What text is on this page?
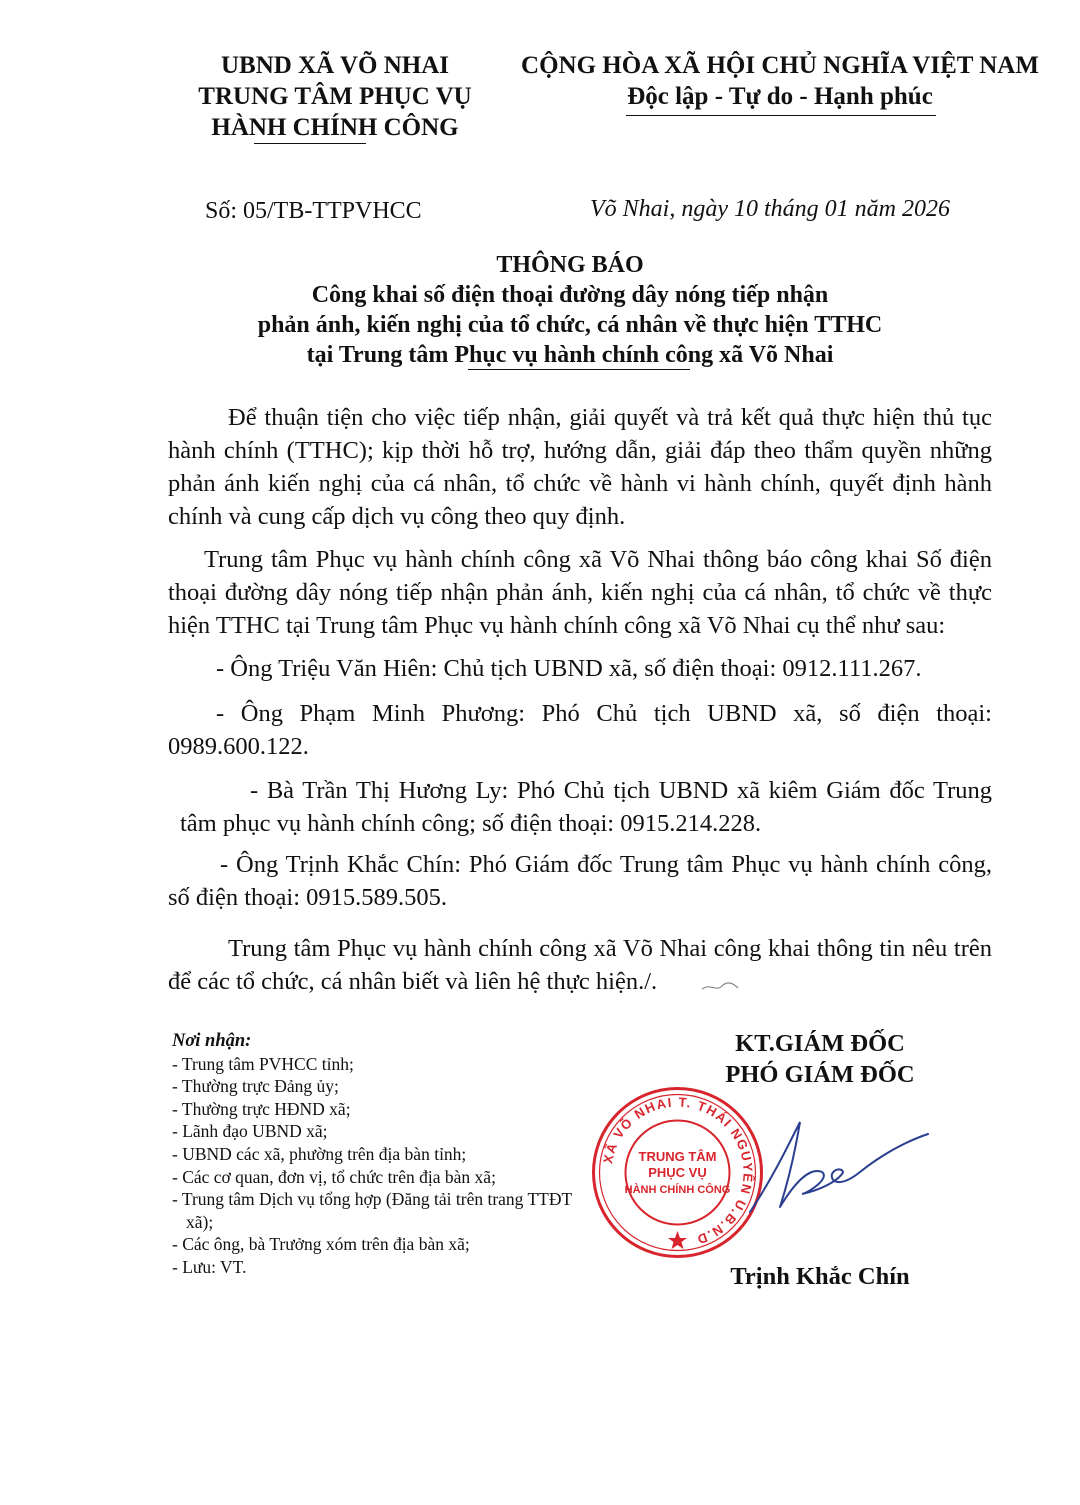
UBND XÃ VÕ NHAI
TRUNG TÂM PHỤC VỤ
HÀNH CHÍNH CÔNG
CỘNG HÒA XÃ HỘI CHỦ NGHĨA VIỆT NAM
Độc lập - Tự do - Hạnh phúc
Số: 05/TB-TTPVHCC	Võ Nhai, ngày 10 tháng 01 năm 2026
THÔNG BÁO
Công khai số điện thoại đường dây nóng tiếp nhận
phản ánh, kiến nghị của tổ chức, cá nhân về thực hiện TTHC
tại Trung tâm Phục vụ hành chính công xã Võ Nhai
Để thuận tiện cho việc tiếp nhận, giải quyết và trả kết quả thực hiện thủ tục hành chính (TTHC); kịp thời hỗ trợ, hướng dẫn, giải đáp theo thẩm quyền những phản ánh kiến nghị của cá nhân, tổ chức về hành vi hành chính, quyết định hành chính và cung cấp dịch vụ công theo quy định.
Trung tâm Phục vụ hành chính công xã Võ Nhai thông báo công khai Số điện thoại đường dây nóng tiếp nhận phản ánh, kiến nghị của cá nhân, tổ chức về thực hiện TTHC tại Trung tâm Phục vụ hành chính công xã Võ Nhai cụ thể như sau:
- Ông Triệu Văn Hiên: Chủ tịch UBND xã, số điện thoại: 0912.111.267.
- Ông Phạm Minh Phương: Phó Chủ tịch UBND xã, số điện thoại: 0989.600.122.
- Bà Trần Thị Hương Ly: Phó Chủ tịch UBND xã kiêm Giám đốc Trung tâm phục vụ hành chính công; số điện thoại: 0915.214.228.
- Ông Trịnh Khắc Chín: Phó Giám đốc Trung tâm Phục vụ hành chính công, số điện thoại: 0915.589.505.
Trung tâm Phục vụ hành chính công xã Võ Nhai công khai thông tin nêu trên để các tổ chức, cá nhân biết và liên hệ thực hiện./.
Nơi nhận:
- Trung tâm PVHCC tỉnh;
- Thường trực Đảng ủy;
- Thường trực HĐND xã;
- Lãnh đạo UBND xã;
- UBND các xã, phường trên địa bàn tỉnh;
- Các cơ quan, đơn vị, tổ chức trên địa bàn xã;
- Trung tâm Dịch vụ tổng hợp (Đăng tải trên trang TTĐT xã);
- Các ông, bà Trưởng xóm trên địa bàn xã;
- Lưu: VT.
KT.GIÁM ĐỐC
PHÓ GIÁM ĐỐC
XÃ VÕ NHAI T. THÁI NGUYÊN U.B.N.D
TRUNG TÂM
PHỤC VỤ
HÀNH CHÍNH CÔNG
Trịnh Khắc Chín
